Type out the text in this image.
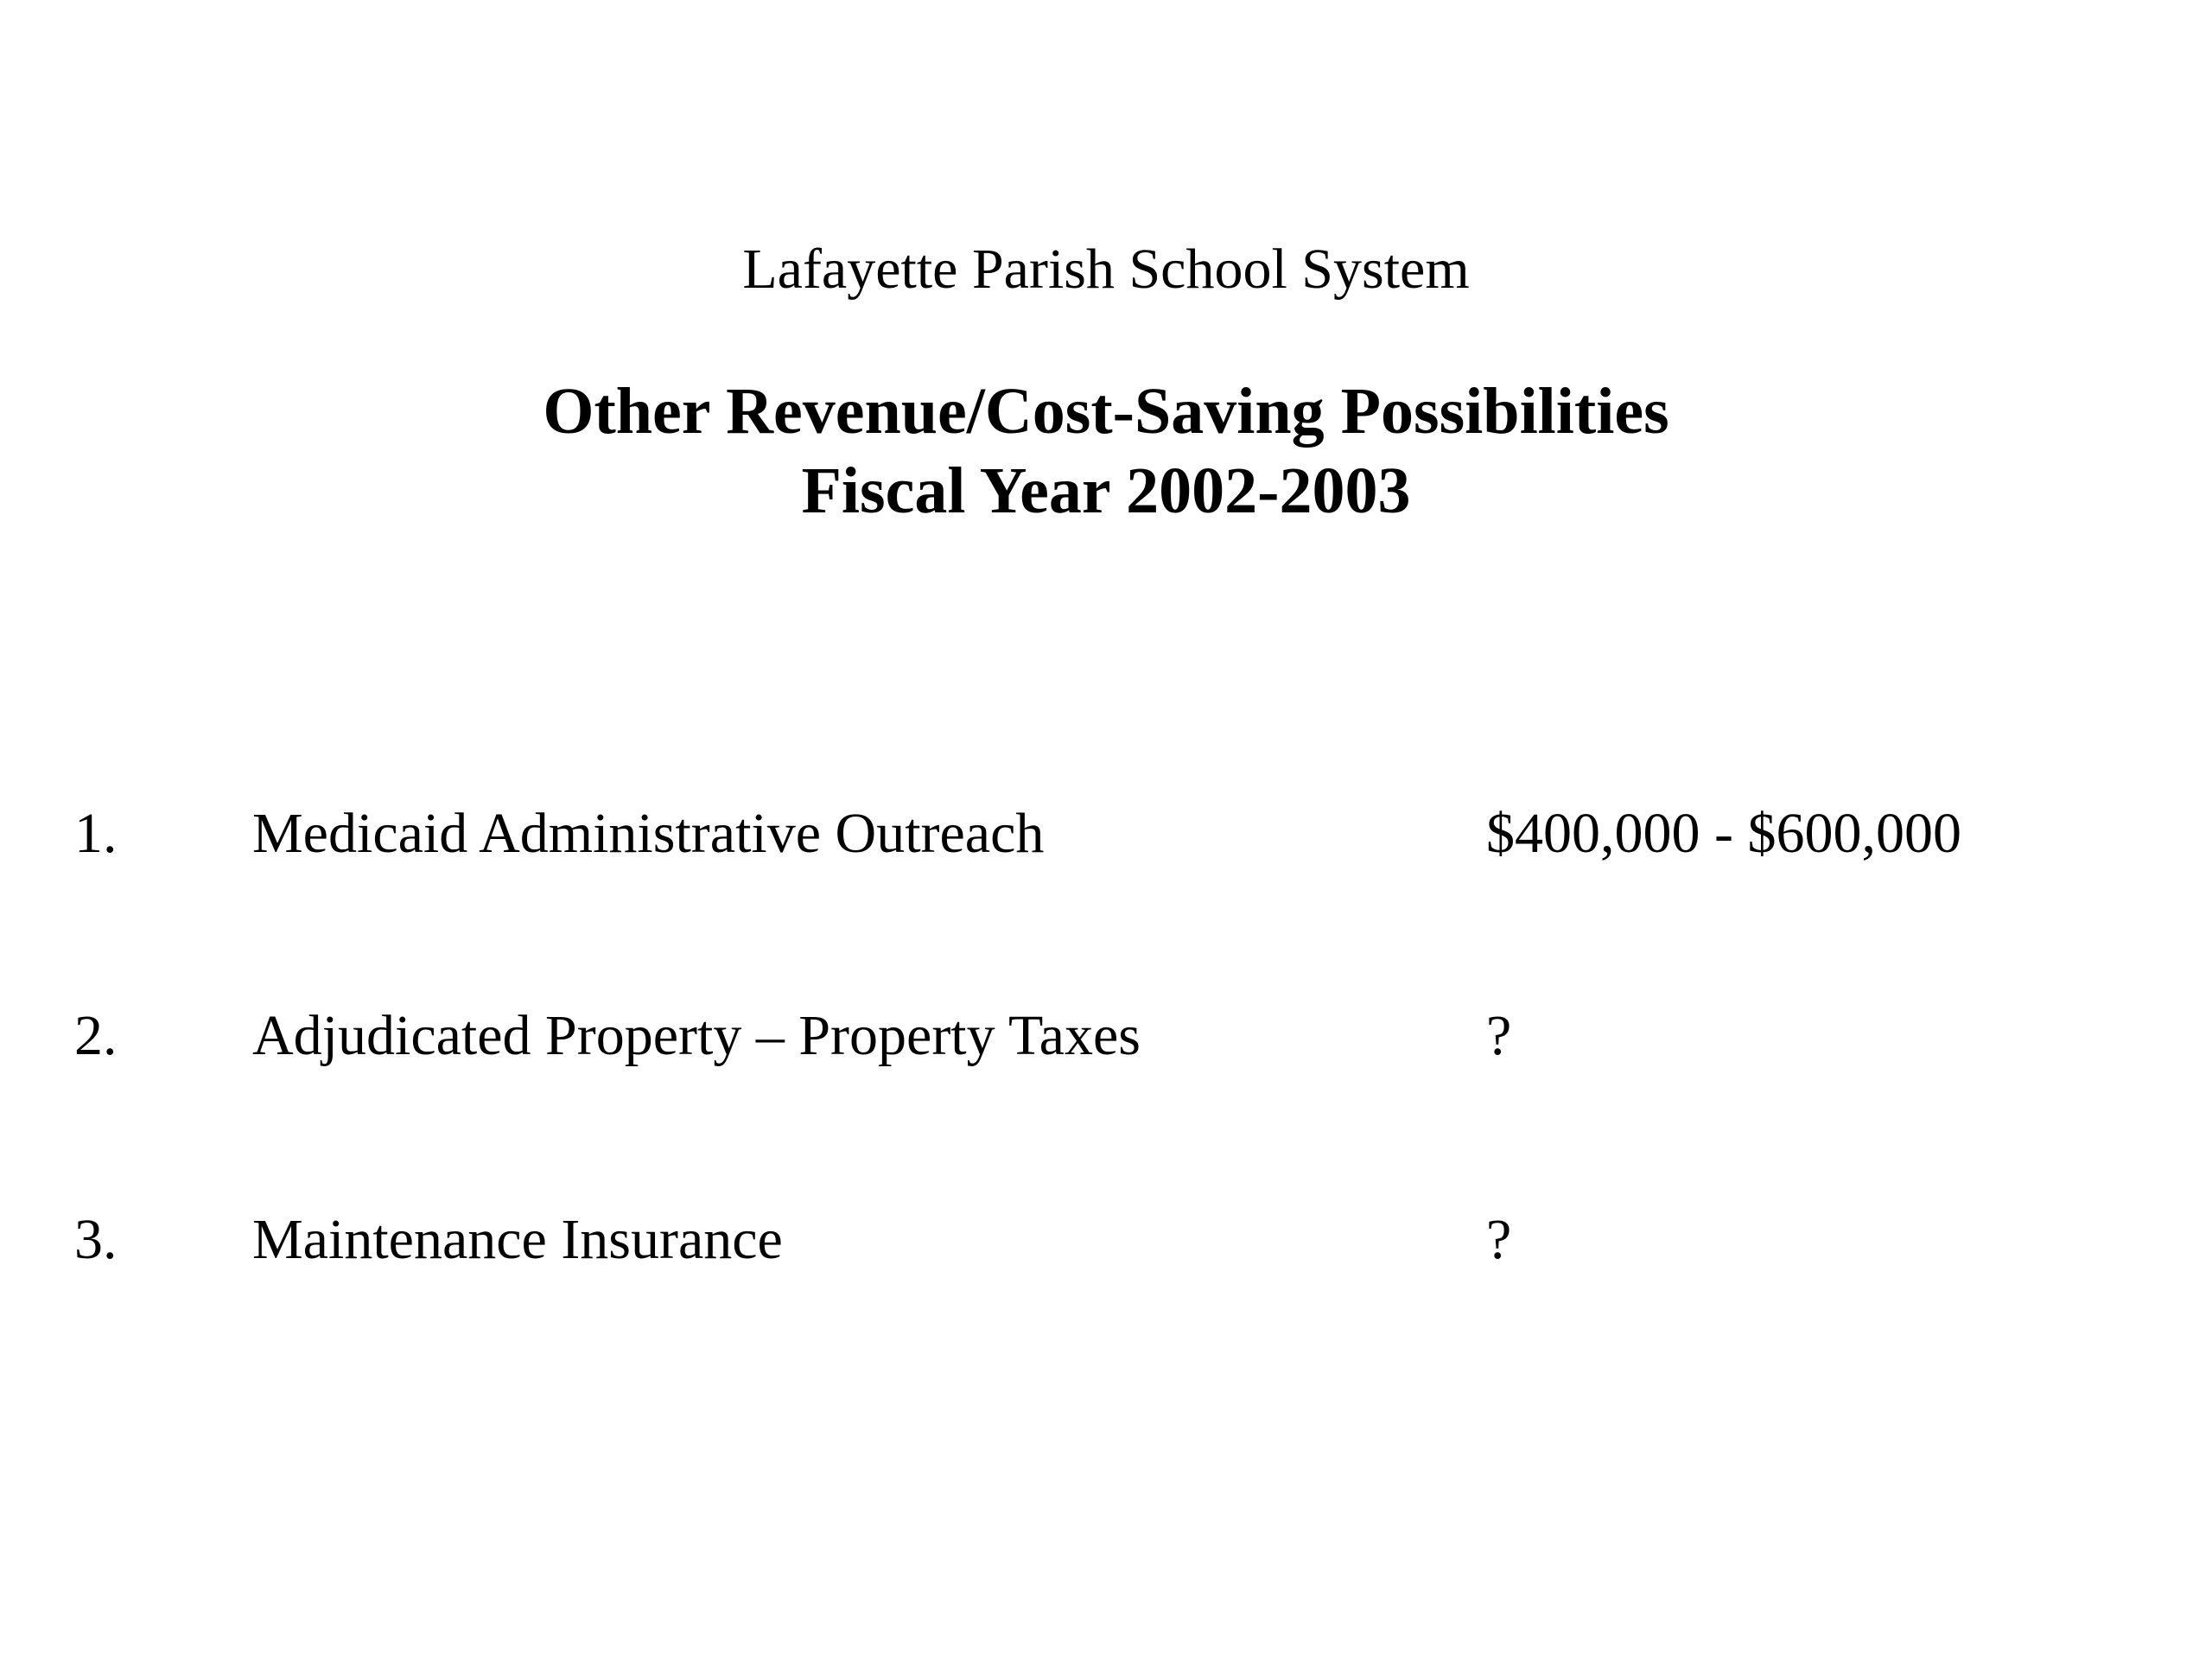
Lafayette Parish School System
Other Revenue/Cost-Saving Possibilities
Fiscal Year 2002-2003
1. Medicaid Administrative Outreach	$400,000 - $600,000
2. Adjudicated Property – Property Taxes	?
3. Maintenance Insurance	?
